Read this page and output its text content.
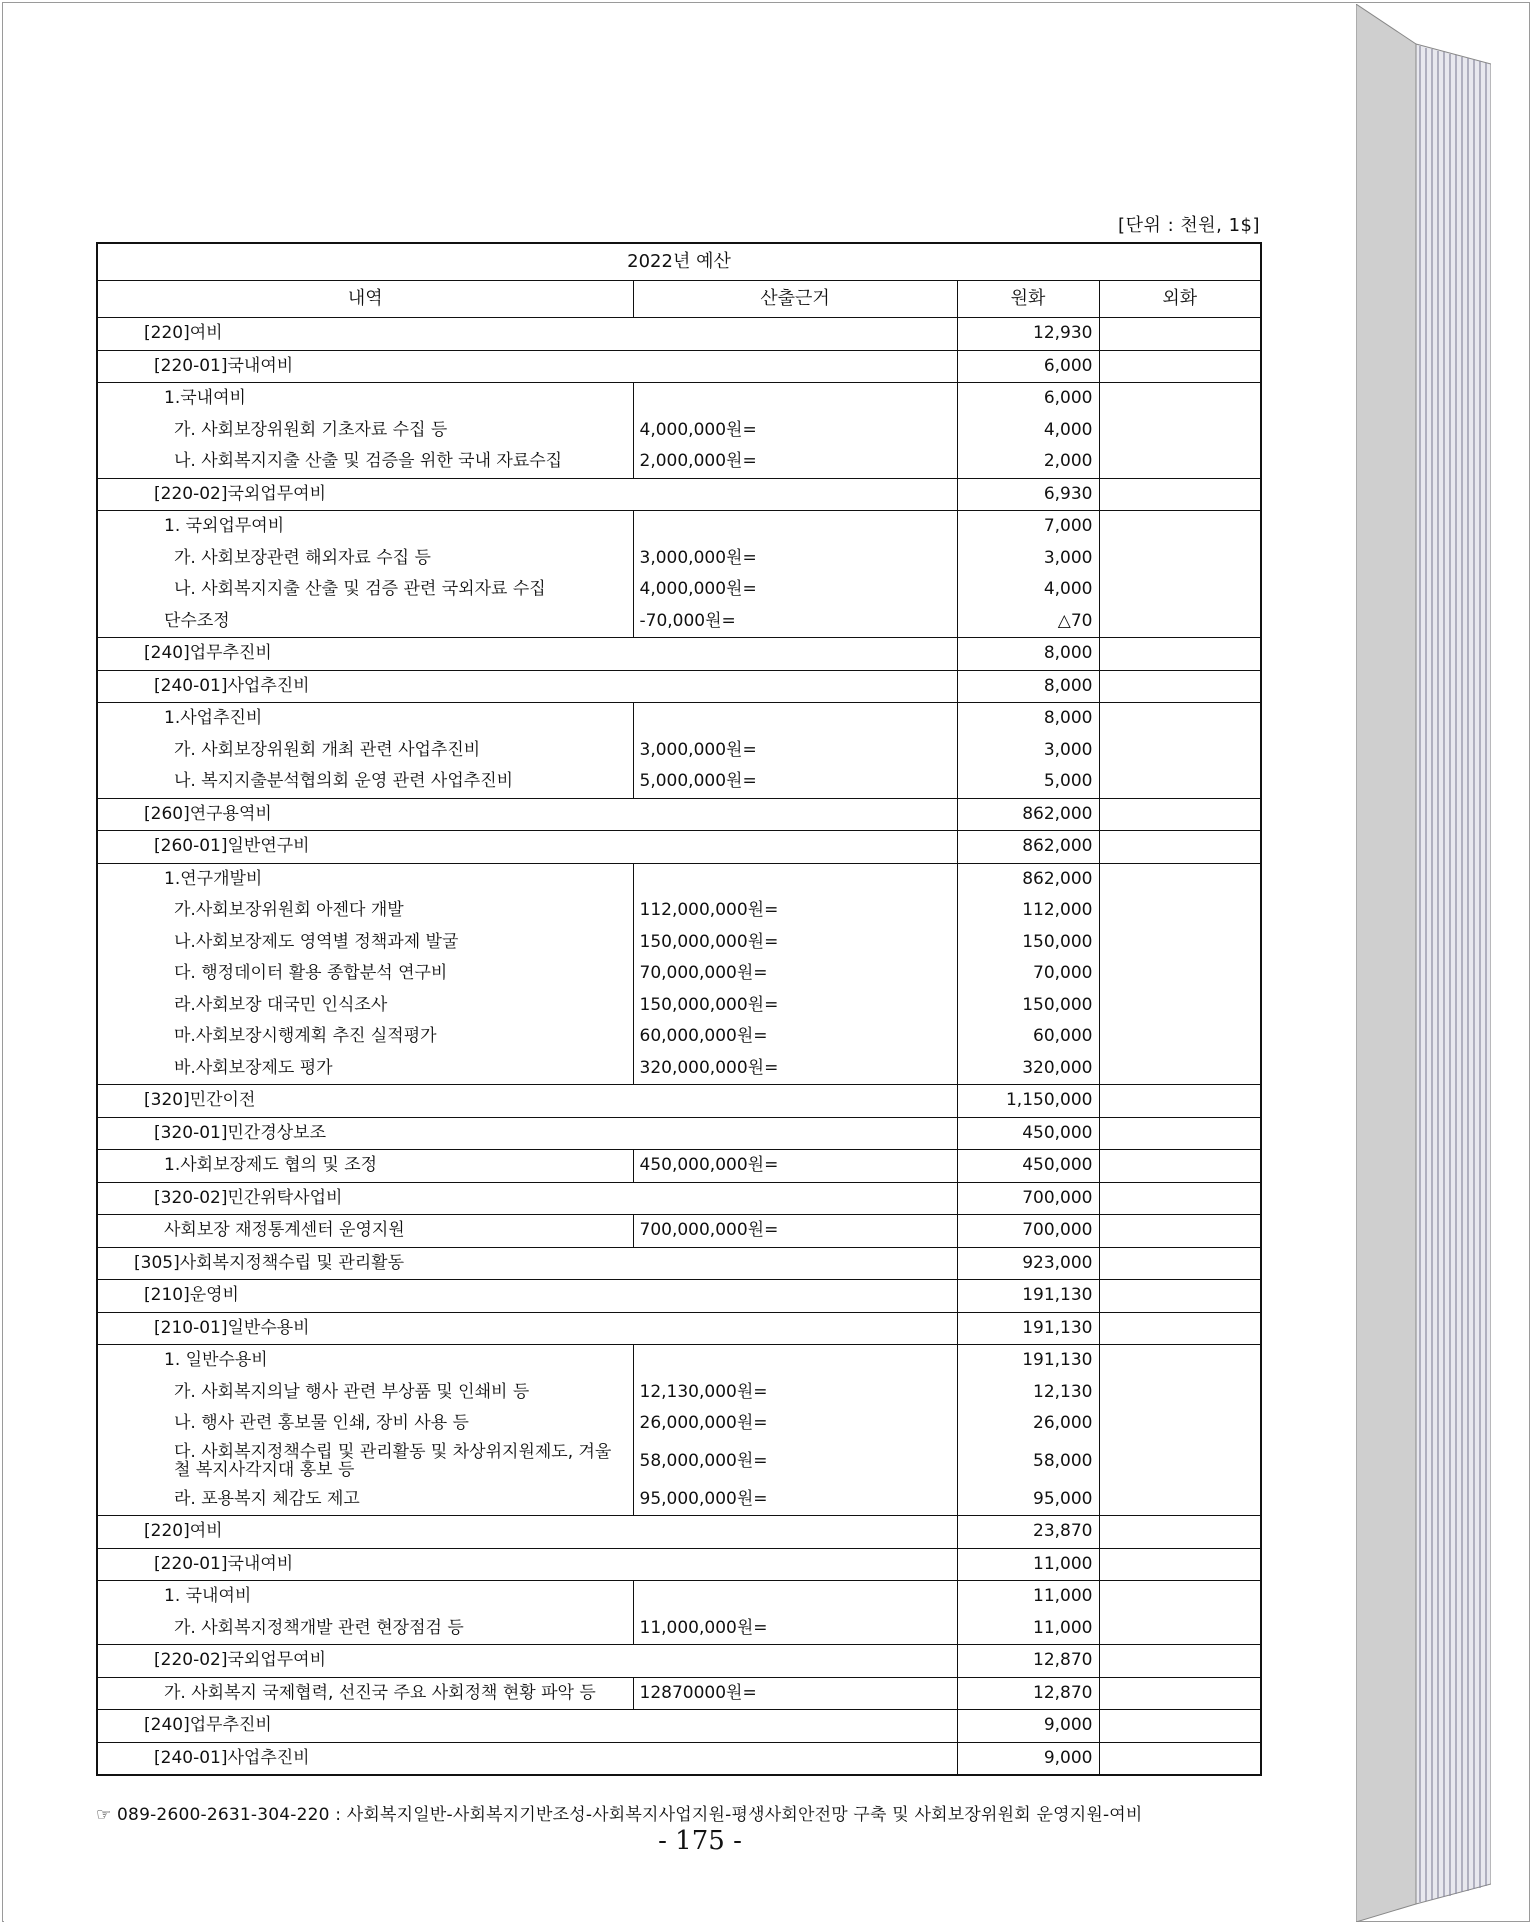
[단위 : 천원, 1$]
2022년 예산			
내역	산출근거	원화	외화
[220]여비		12,930	
[220-01]국내여비		6,000	
1.국내여비		6,000	
가. 사회보장위원회 기초자료 수집 등	4,000,000원=	4,000	
나. 사회복지지출 산출 및 검증을 위한 국내 자료수집	2,000,000원=	2,000	
[220-02]국외업무여비		6,930	
1. 국외업무여비		7,000	
가. 사회보장관련 해외자료 수집 등	3,000,000원=	3,000	
나. 사회복지지출 산출 및 검증 관련 국외자료 수집	4,000,000원=	4,000	
단수조정	-70,000원=	△70	
[240]업무추진비		8,000	
[240-01]사업추진비		8,000	
1.사업추진비		8,000	
가. 사회보장위원회 개최 관련 사업추진비	3,000,000원=	3,000	
나. 복지지출분석협의회 운영 관련 사업추진비	5,000,000원=	5,000	
[260]연구용역비		862,000	
[260-01]일반연구비		862,000	
1.연구개발비		862,000	
가.사회보장위원회 아젠다 개발	112,000,000원=	112,000	
나.사회보장제도 영역별 정책과제 발굴	150,000,000원=	150,000	
다. 행정데이터 활용 종합분석 연구비	70,000,000원=	70,000	
라.사회보장 대국민 인식조사	150,000,000원=	150,000	
마.사회보장시행계획 추진 실적평가	60,000,000원=	60,000	
바.사회보장제도 평가	320,000,000원=	320,000	
[320]민간이전		1,150,000	
[320-01]민간경상보조		450,000	
1.사회보장제도 협의 및 조정	450,000,000원=	450,000	
[320-02]민간위탁사업비		700,000	
사회보장 재정통계센터 운영지원	700,000,000원=	700,000	
[305]사회복지정책수립 및 관리활동		923,000	
[210]운영비		191,130	
[210-01]일반수용비		191,130	
1. 일반수용비		191,130	
가. 사회복지의날 행사 관련 부상품 및 인쇄비 등	12,130,000원=	12,130	
나. 행사 관련 홍보물 인쇄, 장비 사용 등	26,000,000원=	26,000	
다. 사회복지정책수립 및 관리활동 및 차상위지원제도, 겨울철 복지사각지대 홍보 등	58,000,000원=	58,000	
라. 포용복지 체감도 제고	95,000,000원=	95,000	
[220]여비		23,870	
[220-01]국내여비		11,000	
1. 국내여비		11,000	
가. 사회복지정책개발 관련 현장점검 등	11,000,000원=	11,000	
[220-02]국외업무여비		12,870	
가. 사회복지 국제협력, 선진국 주요 사회정책 현황 파악 등	12870000원=	12,870	
[240]업무추진비		9,000	
[240-01]사업추진비		9,000	
☞ 089-2600-2631-304-220 : 사회복지일반-사회복지기반조성-사회복지사업지원-평생사회안전망 구축 및 사회보장위원회 운영지원-여비
- 175 -
